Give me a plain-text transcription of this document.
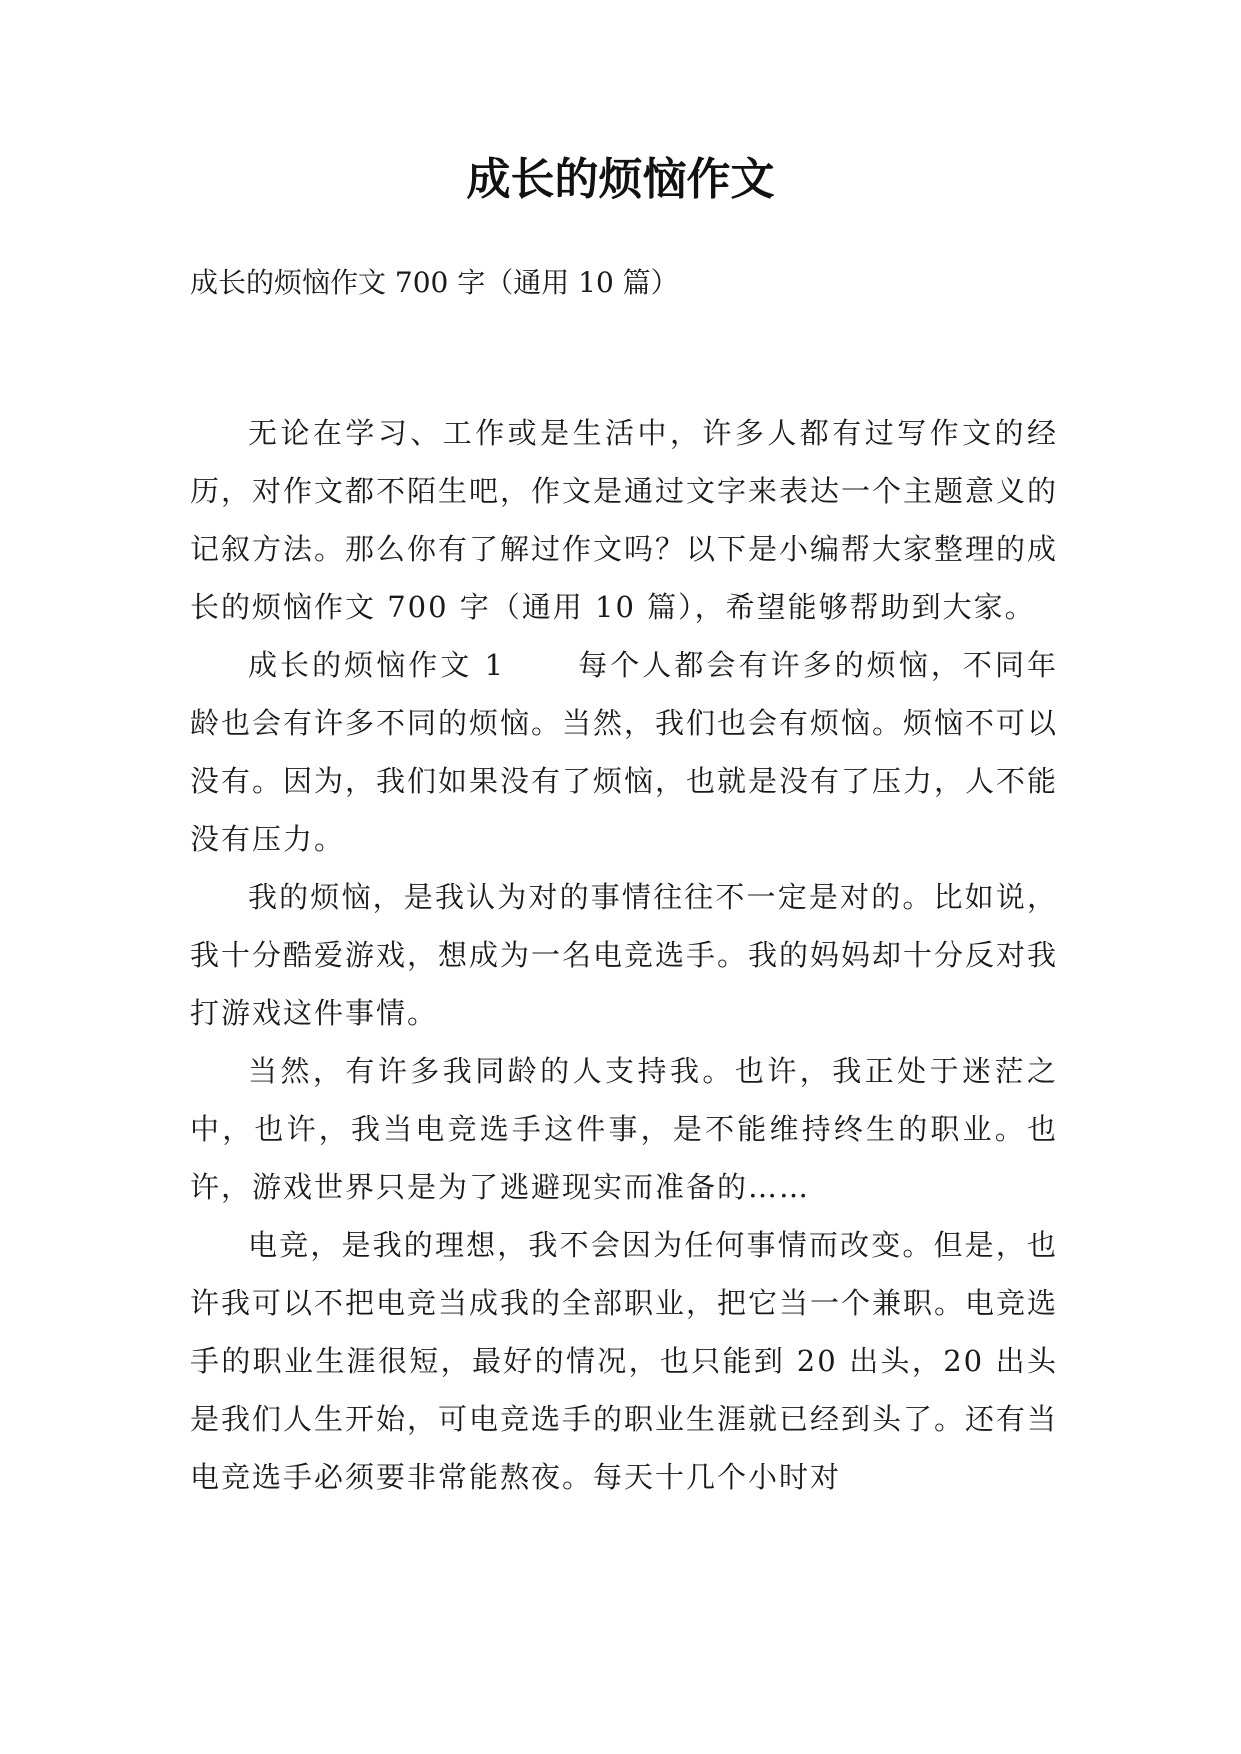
成长的烦恼作文

成长的烦恼作文 700 字（通用 10 篇）

无论在学习、工作或是生活中，许多人都有过写作文的经历，对作文都不陌生吧，作文是通过文字来表达一个主题意义的记叙方法。那么你有了解过作文吗？以下是小编帮大家整理的成长的烦恼作文 700 字（通用 10 篇），希望能够帮助到大家。

成长的烦恼作文 1 每个人都会有许多的烦恼，不同年龄也会有许多不同的烦恼。当然，我们也会有烦恼。烦恼不可以没有。因为，我们如果没有了烦恼，也就是没有了压力，人不能没有压力。

我的烦恼，是我认为对的事情往往不一定是对的。比如说，我十分酷爱游戏，想成为一名电竞选手。我的妈妈却十分反对我打游戏这件事情。

当然，有许多我同龄的人支持我。也许，我正处于迷茫之中，也许，我当电竞选手这件事，是不能维持终生的职业。也许，游戏世界只是为了逃避现实而准备的……

电竞，是我的理想，我不会因为任何事情而改变。但是，也许我可以不把电竞当成我的全部职业，把它当一个兼职。电竞选手的职业生涯很短，最好的情况，也只能到 20 出头，20 出头是我们人生开始，可电竞选手的职业生涯就已经到头了。还有当电竞选手必须要非常能熬夜。每天十几个小时对
